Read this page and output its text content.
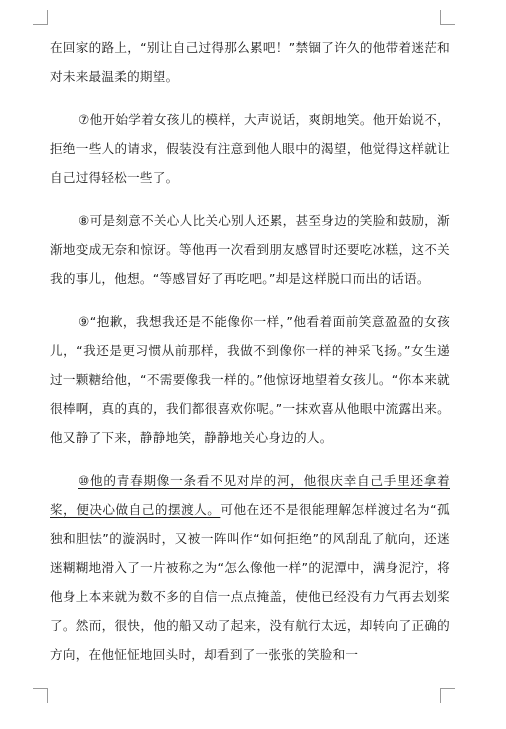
在回家的路上，“别让自己过得那么累吧！”禁锢了许久的他带着迷茫和对未来最温柔的期望。

⑦他开始学着女孩儿的模样，大声说话，爽朗地笑。他开始说不，拒绝一些人的请求，假装没有注意到他人眼中的渴望，他觉得这样就让自己过得轻松一些了。

⑧可是刻意不关心人比关心别人还累，甚至身边的笑脸和鼓励，渐渐地变成无奈和惊讶。等他再一次看到朋友感冒时还要吃冰糕，这不关我的事儿，他想。“等感冒好了再吃吧。”却是这样脱口而出的话语。

⑨“抱歉，我想我还是不能像你一样，”他看着面前笑意盈盈的女孩儿，“我还是更习惯从前那样，我做不到像你一样的神采飞扬。”女生递过一颗糖给他，“不需要像我一样的。”他惊讶地望着女孩儿。“你本来就很棒啊，真的真的，我们都很喜欢你呢。”一抹欢喜从他眼中流露出来。他又静了下来，静静地笑，静静地关心身边的人。

⑩他的青春期像一条看不见对岸的河，他很庆幸自己手里还拿着桨，便决心做自己的摆渡人。可他在还不是很能理解怎样渡过名为“孤独和胆怯”的漩涡时，又被一阵叫作“如何拒绝”的风刮乱了航向，还迷迷糊糊地滑入了一片被称之为“怎么像他一样”的泥潭中，满身泥泞，将他身上本来就为数不多的自信一点点掩盖，使他已经没有力气再去划桨了。然而，很快，他的船又动了起来，没有航行太远，却转向了正确的方向，在他怔怔地回头时，却看到了一张张的笑脸和一
